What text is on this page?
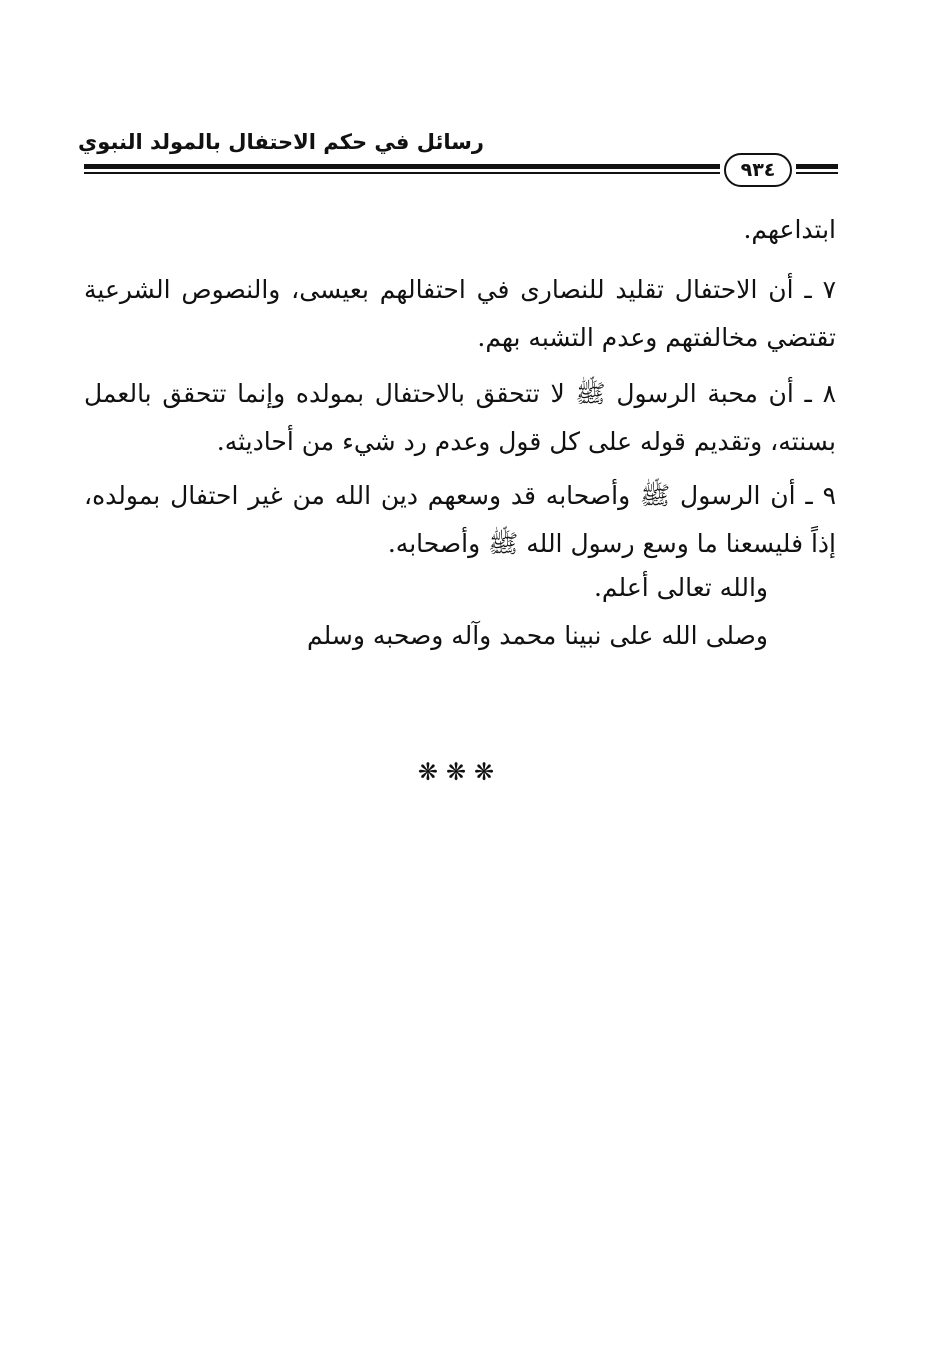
رسائل في حكم الاحتفال بالمولد النبوي
٩٣٤

ابتداعهم.

٧ ـ أن الاحتفال تقليد للنصارى في احتفالهم بعيسى، والنصوص الشرعية تقتضي مخالفتهم وعدم التشبه بهم.

٨ ـ أن محبة الرسول ﷺ لا تتحقق بالاحتفال بمولده وإنما تتحقق بالعمل بسنته، وتقديم قوله على كل قول وعدم رد شيء من أحاديثه.

٩ ـ أن الرسول ﷺ وأصحابه قد وسعهم دين الله من غير احتفال بمولده، إذاً فليسعنا ما وسع رسول الله ﷺ وأصحابه.

والله تعالى أعلم.

وصلى الله على نبينا محمد وآله وصحبه وسلم

❋❋❋
